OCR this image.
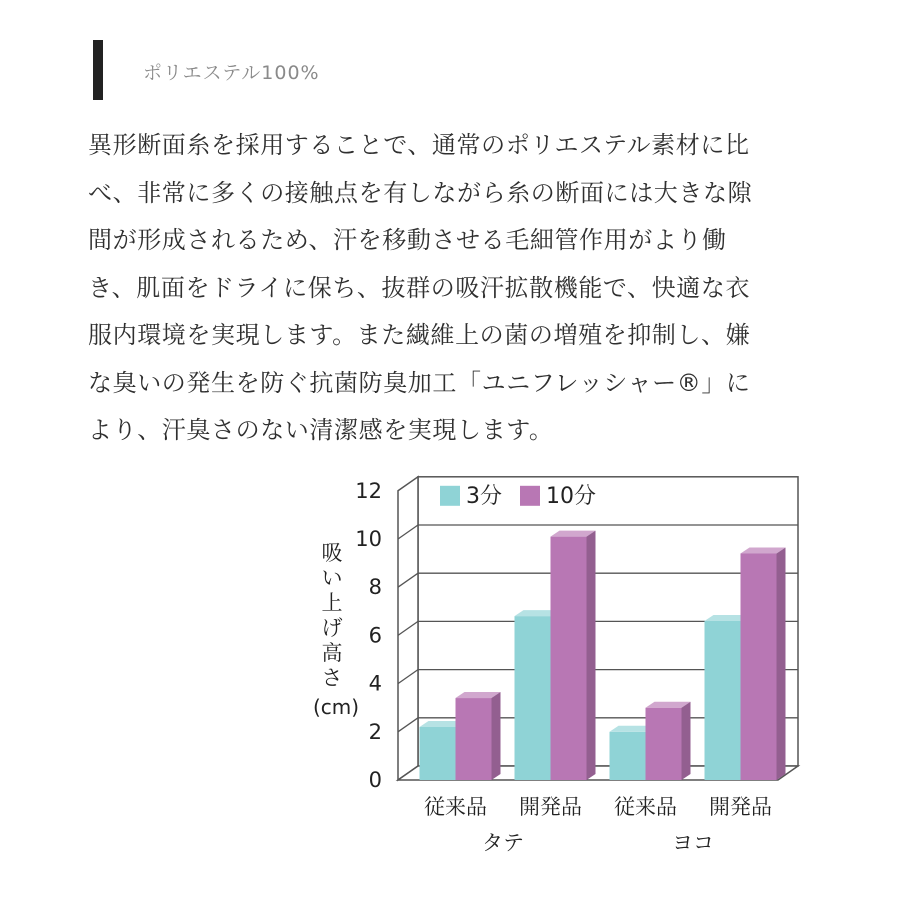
ポリエステル100%
異形断面糸を採用することで、通常のポリエステル素材に比
べ、非常に多くの接触点を有しながら糸の断面には大きな隙
間が形成されるため、汗を移動させる毛細管作用がより働
き、肌面をドライに保ち、抜群の吸汗拡散機能で、快適な衣
服内環境を実現します。また繊維上の菌の増殖を抑制し、嫌
な臭いの発生を防ぐ抗菌防臭加工「ユニフレッシャー®」に
より、汗臭さのない清潔感を実現します。
0
2
4
6
8
10
12
吸
い
上
げ
高
さ
(cm)
従来品 開発品 従来品 開発品
タテ	ヨコ
3分 10分
